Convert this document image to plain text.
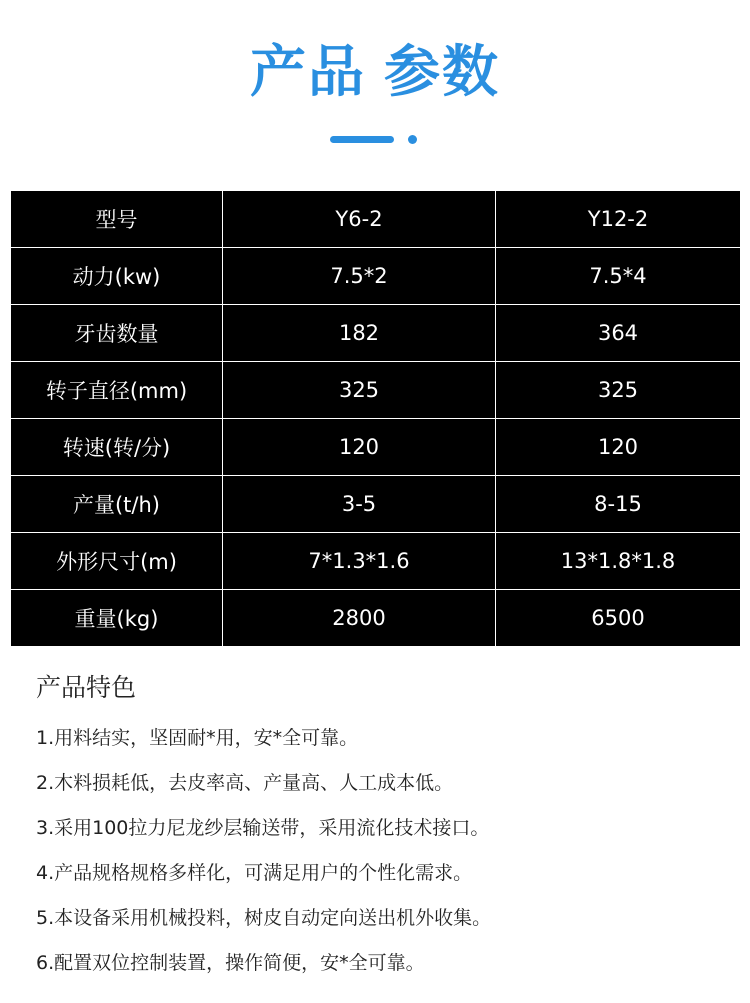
产品 参数
型号	Y6-2	Y12-2
动力(kw)	7.5*2	7.5*4
牙齿数量	182	364
转子直径(mm)	325	325
转速(转/分)	120	120
产量(t/h)	3-5	8-15
外形尺寸(m)	7*1.3*1.6	13*1.8*1.8
重量(kg)	2800	6500
产品特色
1.用料结实，坚固耐*用，安*全可靠。
2.木料损耗低，去皮率高、产量高、人工成本低。
3.采用100拉力尼龙纱层输送带，采用流化技术接口。
4.产品规格规格多样化，可满足用户的个性化需求。
5.本设备采用机械投料，树皮自动定向送出机外收集。
6.配置双位控制装置，操作简便，安*全可靠。
